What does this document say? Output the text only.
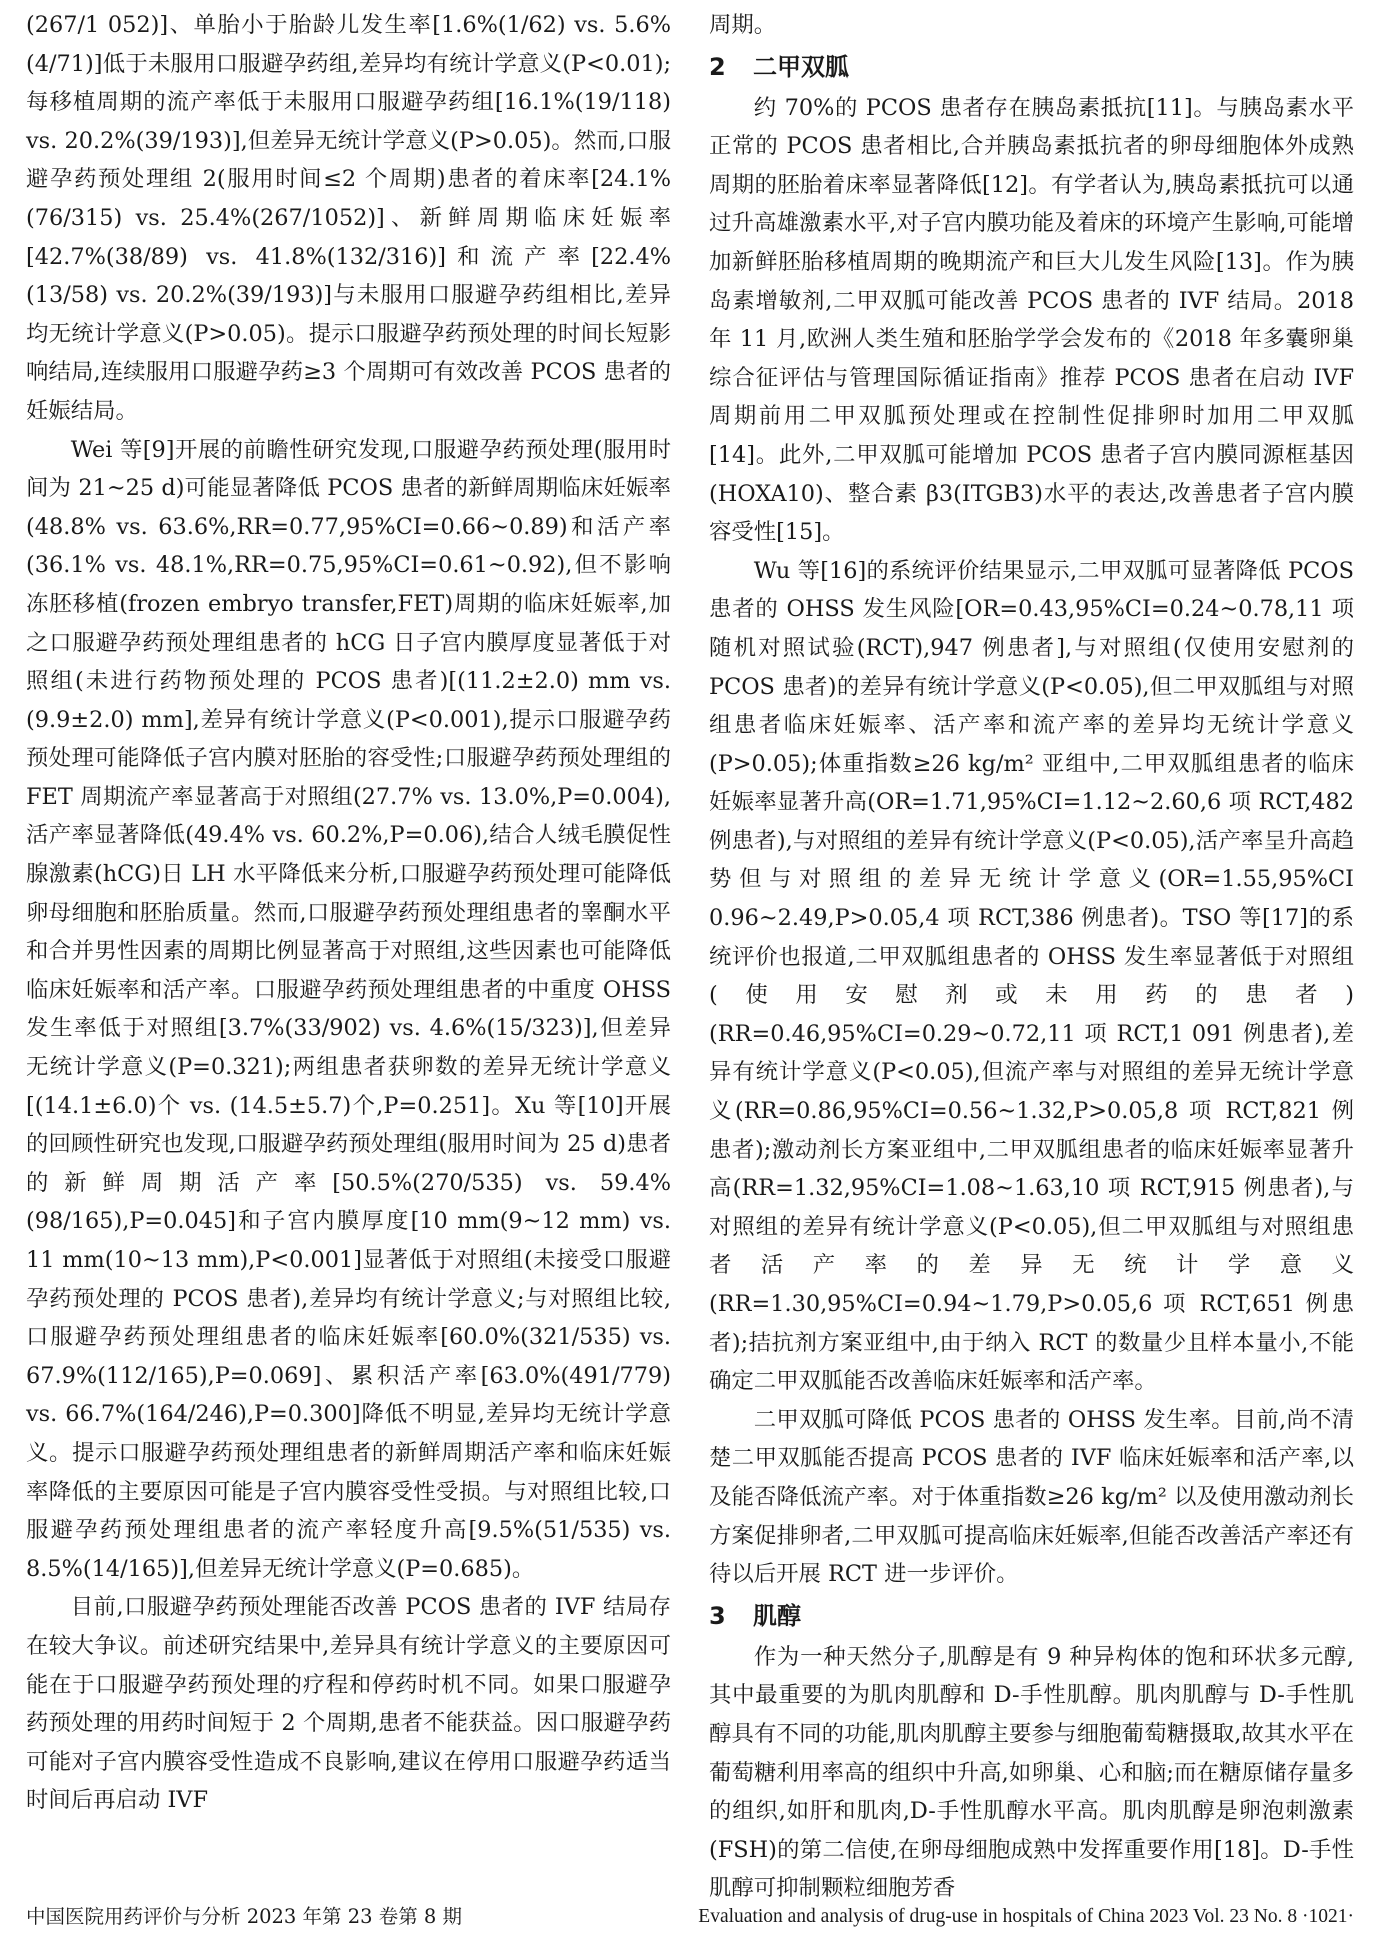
(267/1 052)]、单胎小于胎龄儿发生率[1.6%(1/62) vs. 5.6%(4/71)]低于未服用口服避孕药组,差异均有统计学意义(P<0.01);每移植周期的流产率低于未服用口服避孕药组[16.1%(19/118) vs. 20.2%(39/193)],但差异无统计学意义(P>0.05)。然而,口服避孕药预处理组 2(服用时间≤2 个周期)患者的着床率[24.1%(76/315) vs. 25.4%(267/1052)]、新鲜周期临床妊娠率[42.7%(38/89) vs. 41.8%(132/316)]和流产率[22.4%(13/58) vs. 20.2%(39/193)]与未服用口服避孕药组相比,差异均无统计学意义(P>0.05)。提示口服避孕药预处理的时间长短影响结局,连续服用口服避孕药≥3 个周期可有效改善 PCOS 患者的妊娠结局。

Wei 等[9]开展的前瞻性研究发现,口服避孕药预处理(服用时间为 21~25 d)可能显著降低 PCOS 患者的新鲜周期临床妊娠率(48.8% vs. 63.6%,RR=0.77,95%CI=0.66~0.89)和活产率(36.1% vs. 48.1%,RR=0.75,95%CI=0.61~0.92),但不影响冻胚移植(frozen embryo transfer,FET)周期的临床妊娠率,加之口服避孕药预处理组患者的 hCG 日子宫内膜厚度显著低于对照组(未进行药物预处理的 PCOS 患者)[(11.2±2.0) mm vs. (9.9±2.0) mm],差异有统计学意义(P<0.001),提示口服避孕药预处理可能降低子宫内膜对胚胎的容受性;口服避孕药预处理组的 FET 周期流产率显著高于对照组(27.7% vs. 13.0%,P=0.004),活产率显著降低(49.4% vs. 60.2%,P=0.06),结合人绒毛膜促性腺激素(hCG)日 LH 水平降低来分析,口服避孕药预处理可能降低卵母细胞和胚胎质量。然而,口服避孕药预处理组患者的睾酮水平和合并男性因素的周期比例显著高于对照组,这些因素也可能降低临床妊娠率和活产率。口服避孕药预处理组患者的中重度 OHSS 发生率低于对照组[3.7%(33/902) vs. 4.6%(15/323)],但差异无统计学意义(P=0.321);两组患者获卵数的差异无统计学意义[(14.1±6.0)个 vs. (14.5±5.7)个,P=0.251]。Xu 等[10]开展的回顾性研究也发现,口服避孕药预处理组(服用时间为 25 d)患者的新鲜周期活产率[50.5%(270/535) vs. 59.4%(98/165),P=0.045]和子宫内膜厚度[10 mm(9~12 mm) vs. 11 mm(10~13 mm),P<0.001]显著低于对照组(未接受口服避孕药预处理的 PCOS 患者),差异均有统计学意义;与对照组比较,口服避孕药预处理组患者的临床妊娠率[60.0%(321/535) vs. 67.9%(112/165),P=0.069]、累积活产率[63.0%(491/779) vs. 66.7%(164/246),P=0.300]降低不明显,差异均无统计学意义。提示口服避孕药预处理组患者的新鲜周期活产率和临床妊娠率降低的主要原因可能是子宫内膜容受性受损。与对照组比较,口服避孕药预处理组患者的流产率轻度升高[9.5%(51/535) vs. 8.5%(14/165)],但差异无统计学意义(P=0.685)。

目前,口服避孕药预处理能否改善 PCOS 患者的 IVF 结局存在较大争议。前述研究结果中,差异具有统计学意义的主要原因可能在于口服避孕药预处理的疗程和停药时机不同。如果口服避孕药预处理的用药时间短于 2 个周期,患者不能获益。因口服避孕药可能对子宫内膜容受性造成不良影响,建议在停用口服避孕药适当时间后再启动 IVF

周期。

2 二甲双胍

约 70%的 PCOS 患者存在胰岛素抵抗[11]。与胰岛素水平正常的 PCOS 患者相比,合并胰岛素抵抗者的卵母细胞体外成熟周期的胚胎着床率显著降低[12]。有学者认为,胰岛素抵抗可以通过升高雄激素水平,对子宫内膜功能及着床的环境产生影响,可能增加新鲜胚胎移植周期的晚期流产和巨大儿发生风险[13]。作为胰岛素增敏剂,二甲双胍可能改善 PCOS 患者的 IVF 结局。2018 年 11 月,欧洲人类生殖和胚胎学学会发布的《2018 年多囊卵巢综合征评估与管理国际循证指南》推荐 PCOS 患者在启动 IVF 周期前用二甲双胍预处理或在控制性促排卵时加用二甲双胍[14]。此外,二甲双胍可能增加 PCOS 患者子宫内膜同源框基因(HOXA10)、整合素 β3(ITGB3)水平的表达,改善患者子宫内膜容受性[15]。

Wu 等[16]的系统评价结果显示,二甲双胍可显著降低 PCOS 患者的 OHSS 发生风险[OR=0.43,95%CI=0.24~0.78,11 项随机对照试验(RCT),947 例患者],与对照组(仅使用安慰剂的 PCOS 患者)的差异有统计学意义(P<0.05),但二甲双胍组与对照组患者临床妊娠率、活产率和流产率的差异均无统计学意义(P>0.05);体重指数≥26 kg/m² 亚组中,二甲双胍组患者的临床妊娠率显著升高(OR=1.71,95%CI=1.12~2.60,6 项 RCT,482 例患者),与对照组的差异有统计学意义(P<0.05),活产率呈升高趋势但与对照组的差异无统计学意义(OR=1.55,95%CI 0.96~2.49,P>0.05,4 项 RCT,386 例患者)。TSO 等[17]的系统评价也报道,二甲双胍组患者的 OHSS 发生率显著低于对照组(使用安慰剂或未用药的患者)(RR=0.46,95%CI=0.29~0.72,11 项 RCT,1 091 例患者),差异有统计学意义(P<0.05),但流产率与对照组的差异无统计学意义(RR=0.86,95%CI=0.56~1.32,P>0.05,8 项 RCT,821 例患者);激动剂长方案亚组中,二甲双胍组患者的临床妊娠率显著升高(RR=1.32,95%CI=1.08~1.63,10 项 RCT,915 例患者),与对照组的差异有统计学意义(P<0.05),但二甲双胍组与对照组患者活产率的差异无统计学意义(RR=1.30,95%CI=0.94~1.79,P>0.05,6 项 RCT,651 例患者);拮抗剂方案亚组中,由于纳入 RCT 的数量少且样本量小,不能确定二甲双胍能否改善临床妊娠率和活产率。

二甲双胍可降低 PCOS 患者的 OHSS 发生率。目前,尚不清楚二甲双胍能否提高 PCOS 患者的 IVF 临床妊娠率和活产率,以及能否降低流产率。对于体重指数≥26 kg/m² 以及使用激动剂长方案促排卵者,二甲双胍可提高临床妊娠率,但能否改善活产率还有待以后开展 RCT 进一步评价。

3 肌醇

作为一种天然分子,肌醇是有 9 种异构体的饱和环状多元醇,其中最重要的为肌肉肌醇和 D-手性肌醇。肌肉肌醇与 D-手性肌醇具有不同的功能,肌肉肌醇主要参与细胞葡萄糖摄取,故其水平在葡萄糖利用率高的组织中升高,如卵巢、心和脑;而在糖原储存量多的组织,如肝和肌肉,D-手性肌醇水平高。肌肉肌醇是卵泡刺激素(FSH)的第二信使,在卵母细胞成熟中发挥重要作用[18]。D-手性肌醇可抑制颗粒细胞芳香

中国医院用药评价与分析 2023 年第 23 卷第 8 期	Evaluation and analysis of drug-use in hospitals of China 2023 Vol. 23 No. 8 ·1021·
